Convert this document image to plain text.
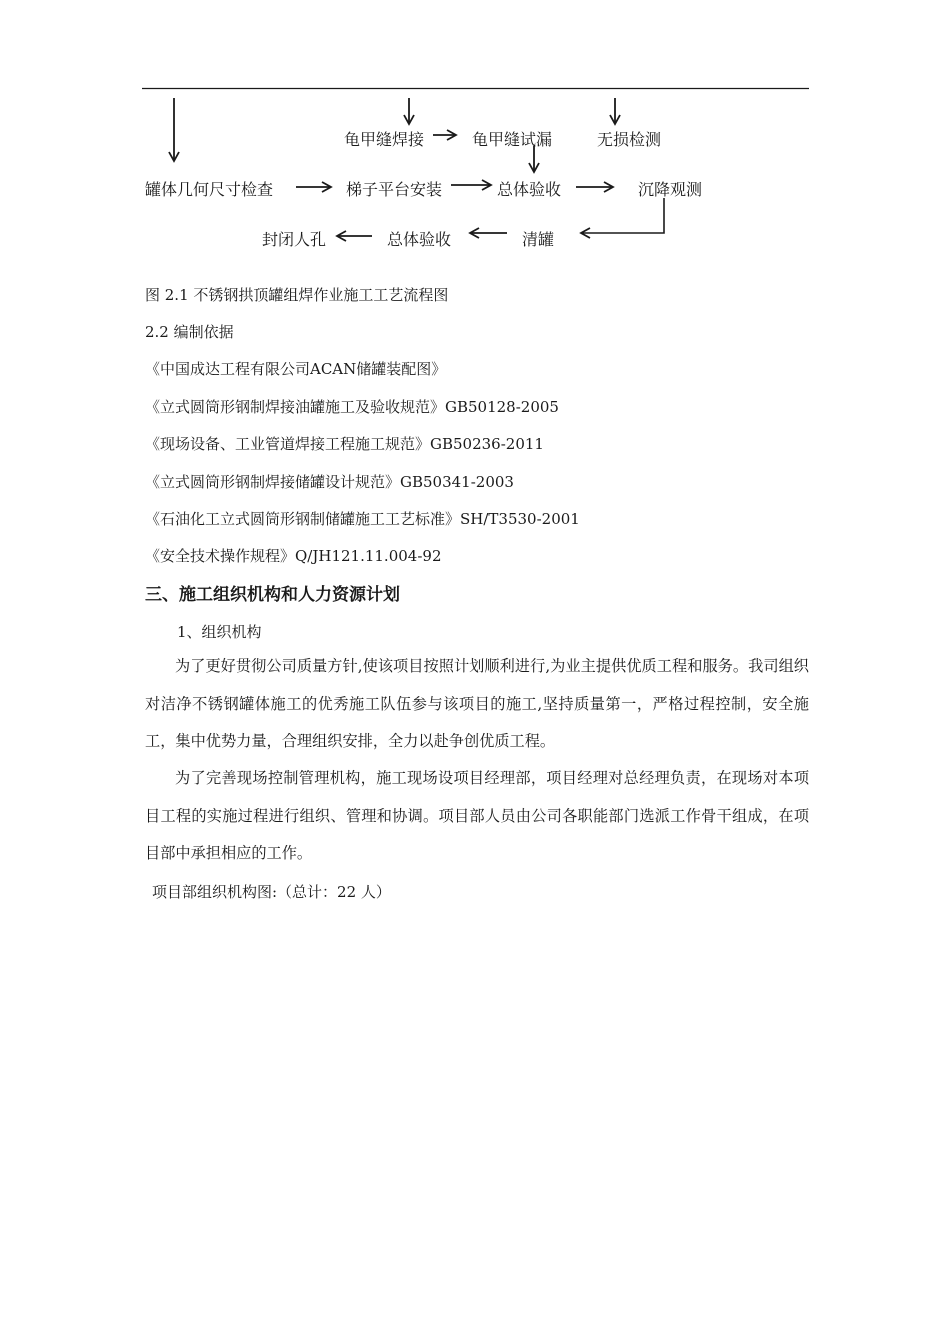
龟甲缝焊接	龟甲缝试漏	无损检测
罐体几何尺寸检查	梯子平台安装	总体验收	沉降观测
封闭人孔	总体验收	清罐
图 2.1 不锈钢拱顶罐组焊作业施工工艺流程图
2.2 编制依据
《中国成达工程有限公司ACAN储罐装配图》
《立式圆筒形钢制焊接油罐施工及验收规范》GB50128-2005
《现场设备、工业管道焊接工程施工规范》GB50236-2011
《立式圆筒形钢制焊接储罐设计规范》GB50341-2003
《石油化工立式圆筒形钢制储罐施工工艺标准》SH/T3530-2001
《安全技术操作规程》Q/JH121.11.004-92
三、施工组织机构和人力资源计划
1、组织机构

为了更好贯彻公司质量方针,使该项目按照计划顺利进行,为业主提供优质工程和服务。我司组织对洁净不锈钢罐体施工的优秀施工队伍参与该项目的施工,坚持质量第一，严格过程控制，安全施工，集中优势力量，合理组织安排，全力以赴争创优质工程。

为了完善现场控制管理机构，施工现场设项目经理部，项目经理对总经理负责，在现场对本项目工程的实施过程进行组织、管理和协调。项目部人员由公司各职能部门选派工作骨干组成，在项目部中承担相应的工作。

项目部组织机构图:（总计：22 人）
